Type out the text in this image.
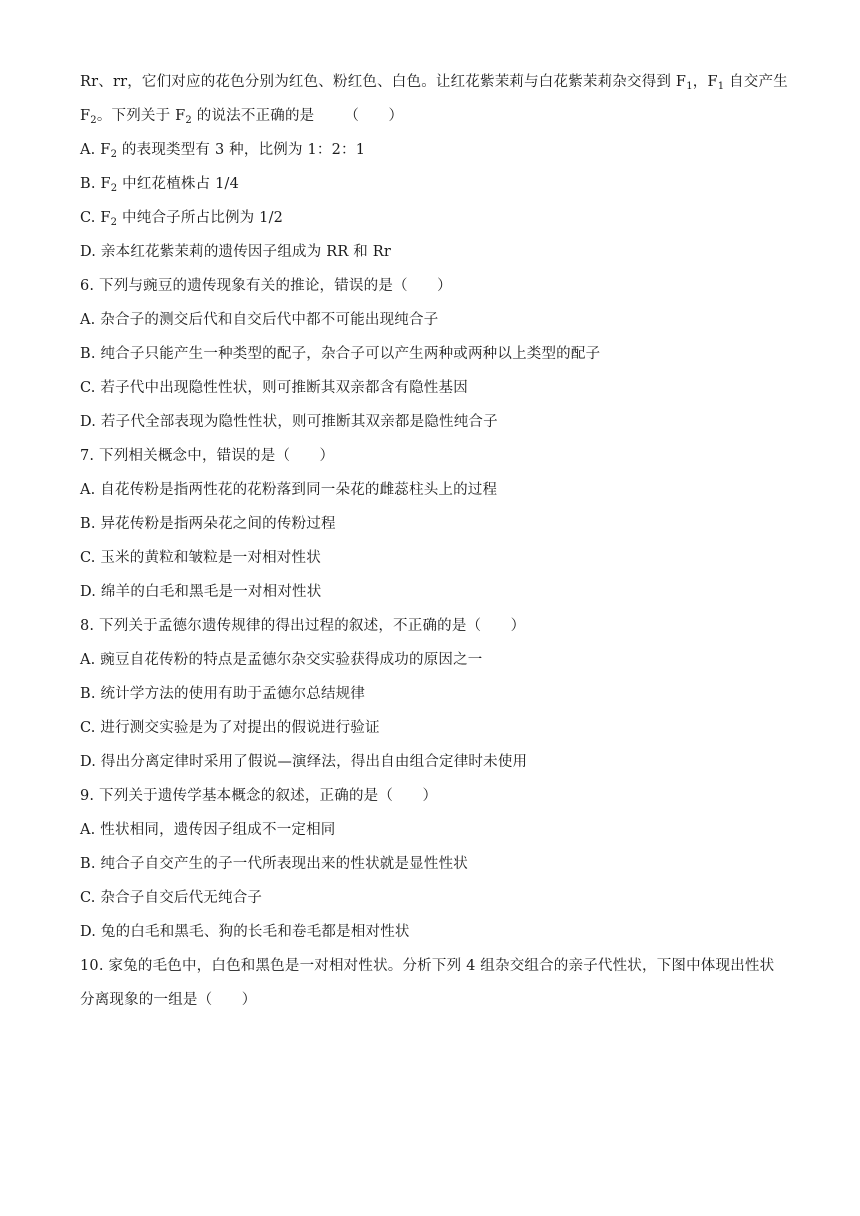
Rr、rr，它们对应的花色分别为红色、粉红色、白色。让红花紫茉莉与白花紫茉莉杂交得到 $F_1$，$F_1$ 自交产生
$F_2$。下列关于 $F_2$ 的说法不正确的是 （　　）
A. $F_2$ 的表现类型有 3 种，比例为 1：2：1
B. $F_2$ 中红花植株占 1/4
C. $F_2$ 中纯合子所占比例为 1/2
D. 亲本红花紫茉莉的遗传因子组成为 RR 和 Rr
6. 下列与豌豆的遗传现象有关的推论，错误的是（　　）
A. 杂合子的测交后代和自交后代中都不可能出现纯合子
B. 纯合子只能产生一种类型的配子，杂合子可以产生两种或两种以上类型的配子
C. 若子代中出现隐性性状，则可推断其双亲都含有隐性基因
D. 若子代全部表现为隐性性状，则可推断其双亲都是隐性纯合子
7. 下列相关概念中，错误的是（　　）
A. 自花传粉是指两性花的花粉落到同一朵花的雌蕊柱头上的过程
B. 异花传粉是指两朵花之间的传粉过程
C. 玉米的黄粒和皱粒是一对相对性状
D. 绵羊的白毛和黑毛是一对相对性状
8. 下列关于孟德尔遗传规律的得出过程的叙述，不正确的是（　　）
A. 豌豆自花传粉的特点是孟德尔杂交实验获得成功的原因之一
B. 统计学方法的使用有助于孟德尔总结规律
C. 进行测交实验是为了对提出的假说进行验证
D. 得出分离定律时采用了假说—演绎法，得出自由组合定律时未使用
9. 下列关于遗传学基本概念的叙述，正确的是（　　）
A. 性状相同，遗传因子组成不一定相同
B. 纯合子自交产生的子一代所表现出来的性状就是显性性状
C. 杂合子自交后代无纯合子
D. 兔的白毛和黑毛、狗的长毛和卷毛都是相对性状
10. 家兔的毛色中，白色和黑色是一对相对性状。分析下列 4 组杂交组合的亲子代性状，下图中体现出性状
分离现象的一组是（　　）
